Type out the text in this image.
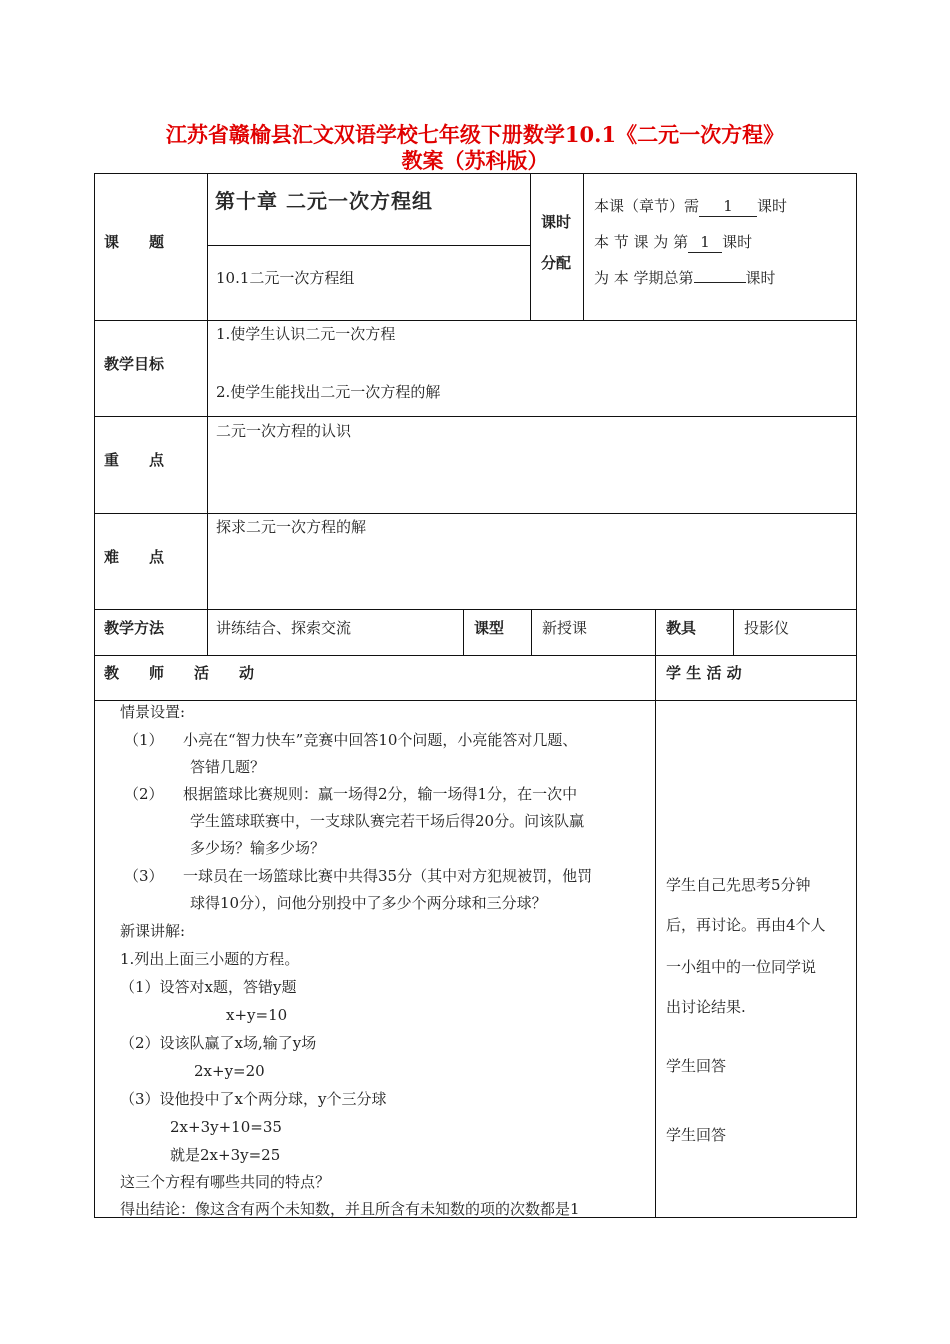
江苏省赣榆县汇文双语学校七年级下册数学10.1《二元一次方程》
教案（苏科版）
课　　题
第十章 二元一次方程组
10.1二元一次方程组
课时
分配
本课（章节）需 1 课时
本 节 课 为 第 1 课时
为 本 学期总第	课时
教学目标
1.使学生认识二元一次方程
2.使学生能找出二元一次方程的解
重　　点
二元一次方程的认识
难　　点
探求二元一次方程的解
教学方法	讲练结合、探索交流	课型	新授课	教具	投影仪
教　　师　　活　　动	学 生 活 动
情景设置:
（1） 小亮在“智力快车”竞赛中回答10个问题，小亮能答对几题、
答错几题？
（2） 根据篮球比赛规则：赢一场得2分，输一场得1分，在一次中
学生篮球联赛中，一支球队赛完若干场后得20分。问该队赢
多少场？输多少场？
（3） 一球员在一场篮球比赛中共得35分（其中对方犯规被罚，他罚
球得10分），问他分别投中了多少个两分球和三分球？
新课讲解:
1.列出上面三小题的方程。
（1）设答对x题，答错y题
x+y=10
（2）设该队赢了x场,输了y场
2x+y=20
（3）设他投中了x个两分球，y个三分球
2x+3y+10=35
就是2x+3y=25
这三个方程有哪些共同的特点？
得出结论：像这含有两个未知数，并且所含有未知数的项的次数都是1
学生自己先思考5分钟
后，再讨论。再由4个人
一小组中的一位同学说
出讨论结果.
学生回答
学生回答
